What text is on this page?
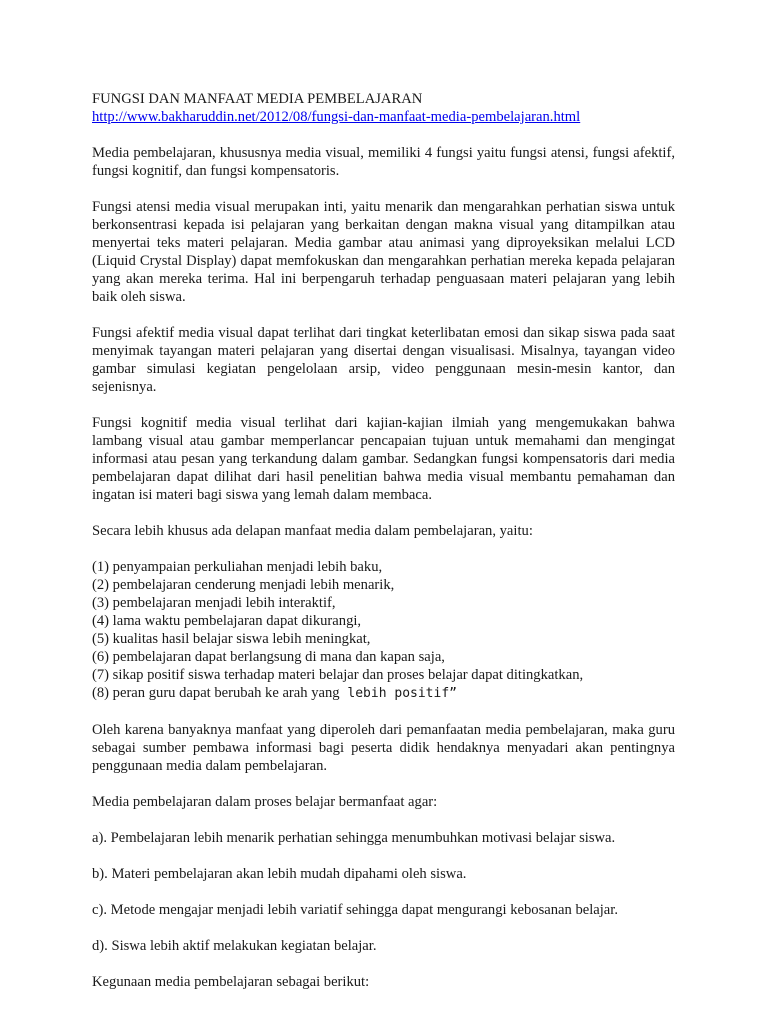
FUNGSI DAN MANFAAT MEDIA PEMBELAJARAN
http://www.bakharuddin.net/2012/08/fungsi-dan-manfaat-media-pembelajaran.html

Media pembelajaran, khususnya media visual, memiliki 4 fungsi yaitu fungsi atensi, fungsi afektif, fungsi kognitif, dan fungsi kompensatoris.

Fungsi atensi media visual merupakan inti, yaitu menarik dan mengarahkan perhatian siswa untuk berkonsentrasi kepada isi pelajaran yang berkaitan dengan makna visual yang ditampilkan atau menyertai teks materi pelajaran. Media gambar atau animasi yang diproyeksikan melalui LCD (Liquid Crystal Display) dapat memfokuskan dan mengarahkan perhatian mereka kepada pelajaran yang akan mereka terima. Hal ini berpengaruh terhadap penguasaan materi pelajaran yang lebih baik oleh siswa.

Fungsi afektif media visual dapat terlihat dari tingkat keterlibatan emosi dan sikap siswa pada saat menyimak tayangan materi pelajaran yang disertai dengan visualisasi. Misalnya, tayangan video gambar simulasi kegiatan pengelolaan arsip, video penggunaan mesin-mesin kantor, dan sejenisnya.

Fungsi kognitif media visual terlihat dari kajian-kajian ilmiah yang mengemukakan bahwa lambang visual atau gambar memperlancar pencapaian tujuan untuk memahami dan mengingat informasi atau pesan yang terkandung dalam gambar. Sedangkan fungsi kompensatoris dari media pembelajaran dapat dilihat dari hasil penelitian bahwa media visual membantu pemahaman dan ingatan isi materi bagi siswa yang lemah dalam membaca.

Secara lebih khusus ada delapan manfaat media dalam pembelajaran, yaitu:

(1) penyampaian perkuliahan menjadi lebih baku,
(2) pembelajaran cenderung menjadi lebih menarik,
(3) pembelajaran menjadi lebih interaktif,
(4) lama waktu pembelajaran dapat dikurangi,
(5) kualitas hasil belajar siswa lebih meningkat,
(6) pembelajaran dapat berlangsung di mana dan kapan saja,
(7) sikap positif siswa terhadap materi belajar dan proses belajar dapat ditingkatkan,
(8) peran guru dapat berubah ke arah yang lebih positif”

Oleh karena banyaknya manfaat yang diperoleh dari pemanfaatan media pembelajaran, maka guru sebagai sumber pembawa informasi bagi peserta didik hendaknya menyadari akan pentingnya penggunaan media dalam pembelajaran.

Media pembelajaran dalam proses belajar bermanfaat agar:

a). Pembelajaran lebih menarik perhatian sehingga menumbuhkan motivasi belajar siswa.

b). Materi pembelajaran akan lebih mudah dipahami oleh siswa.

c). Metode mengajar menjadi lebih variatif sehingga dapat mengurangi kebosanan belajar.

d). Siswa lebih aktif melakukan kegiatan belajar.

Kegunaan media pembelajaran sebagai berikut:
